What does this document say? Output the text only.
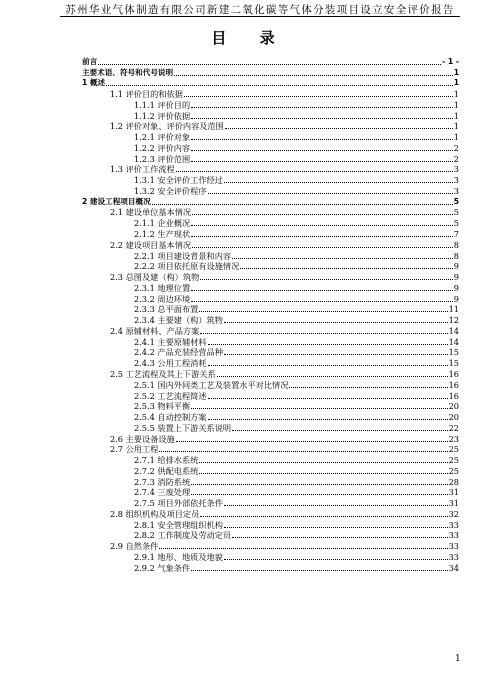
苏州华业气体制造有限公司新建二氧化碳等气体分装项目设立安全评价报告
目 录
前言	- 1 -
主要术语、符号和代号说明	1
1 概述	1
1.1 评价目的和依据	1
1.1.1 评价目的	1
1.1.2 评价依据	1
1.2 评价对象、评价内容及范围	1
1.2.1 评价对象	1
1.2.2 评价内容	2
1.2.3 评价范围	2
1.3 评价工作流程	3
1.3.1 安全评价工作经过	3
1.3.2 安全评价程序	3
2 建设工程项目概况	5
2.1 建设单位基本情况	5
2.1.1 企业概况	5
2.1.2 生产现状	7
2.2 建设项目基本情况	8
2.2.1 项目建设背景和内容	8
2.2.2 项目依托原有设施情况	9
2.3 总图及建（构）筑物	9
2.3.1 地理位置	9
2.3.2 周边环境	9
2.3.3 总平面布置	11
2.3.4 主要建（构）筑物	12
2.4 原辅材料、产品方案	14
2.4.1 主要原辅材料	14
2.4.2 产品充装经营品种	15
2.4.3 公用工程消耗	15
2.5 工艺流程及其上下游关系	16
2.5.1 国内外同类工艺及装置水平对比情况	16
2.5.2 工艺流程简述	16
2.5.3 物料平衡	20
2.5.4 自动控制方案	20
2.5.5 装置上下游关系说明	22
2.6 主要设备设施	23
2.7 公用工程	25
2.7.1 给排水系统	25
2.7.2 供配电系统	25
2.7.3 消防系统	28
2.7.4 三废处理	31
2.7.5 项目外部依托条件	31
2.8 组织机构及项目定员	32
2.8.1 安全管理组织机构	33
2.8.2 工作制度及劳动定员	33
2.9 自然条件	33
2.9.1 地形、地质及地貌	33
2.9.2 气象条件	34
1
